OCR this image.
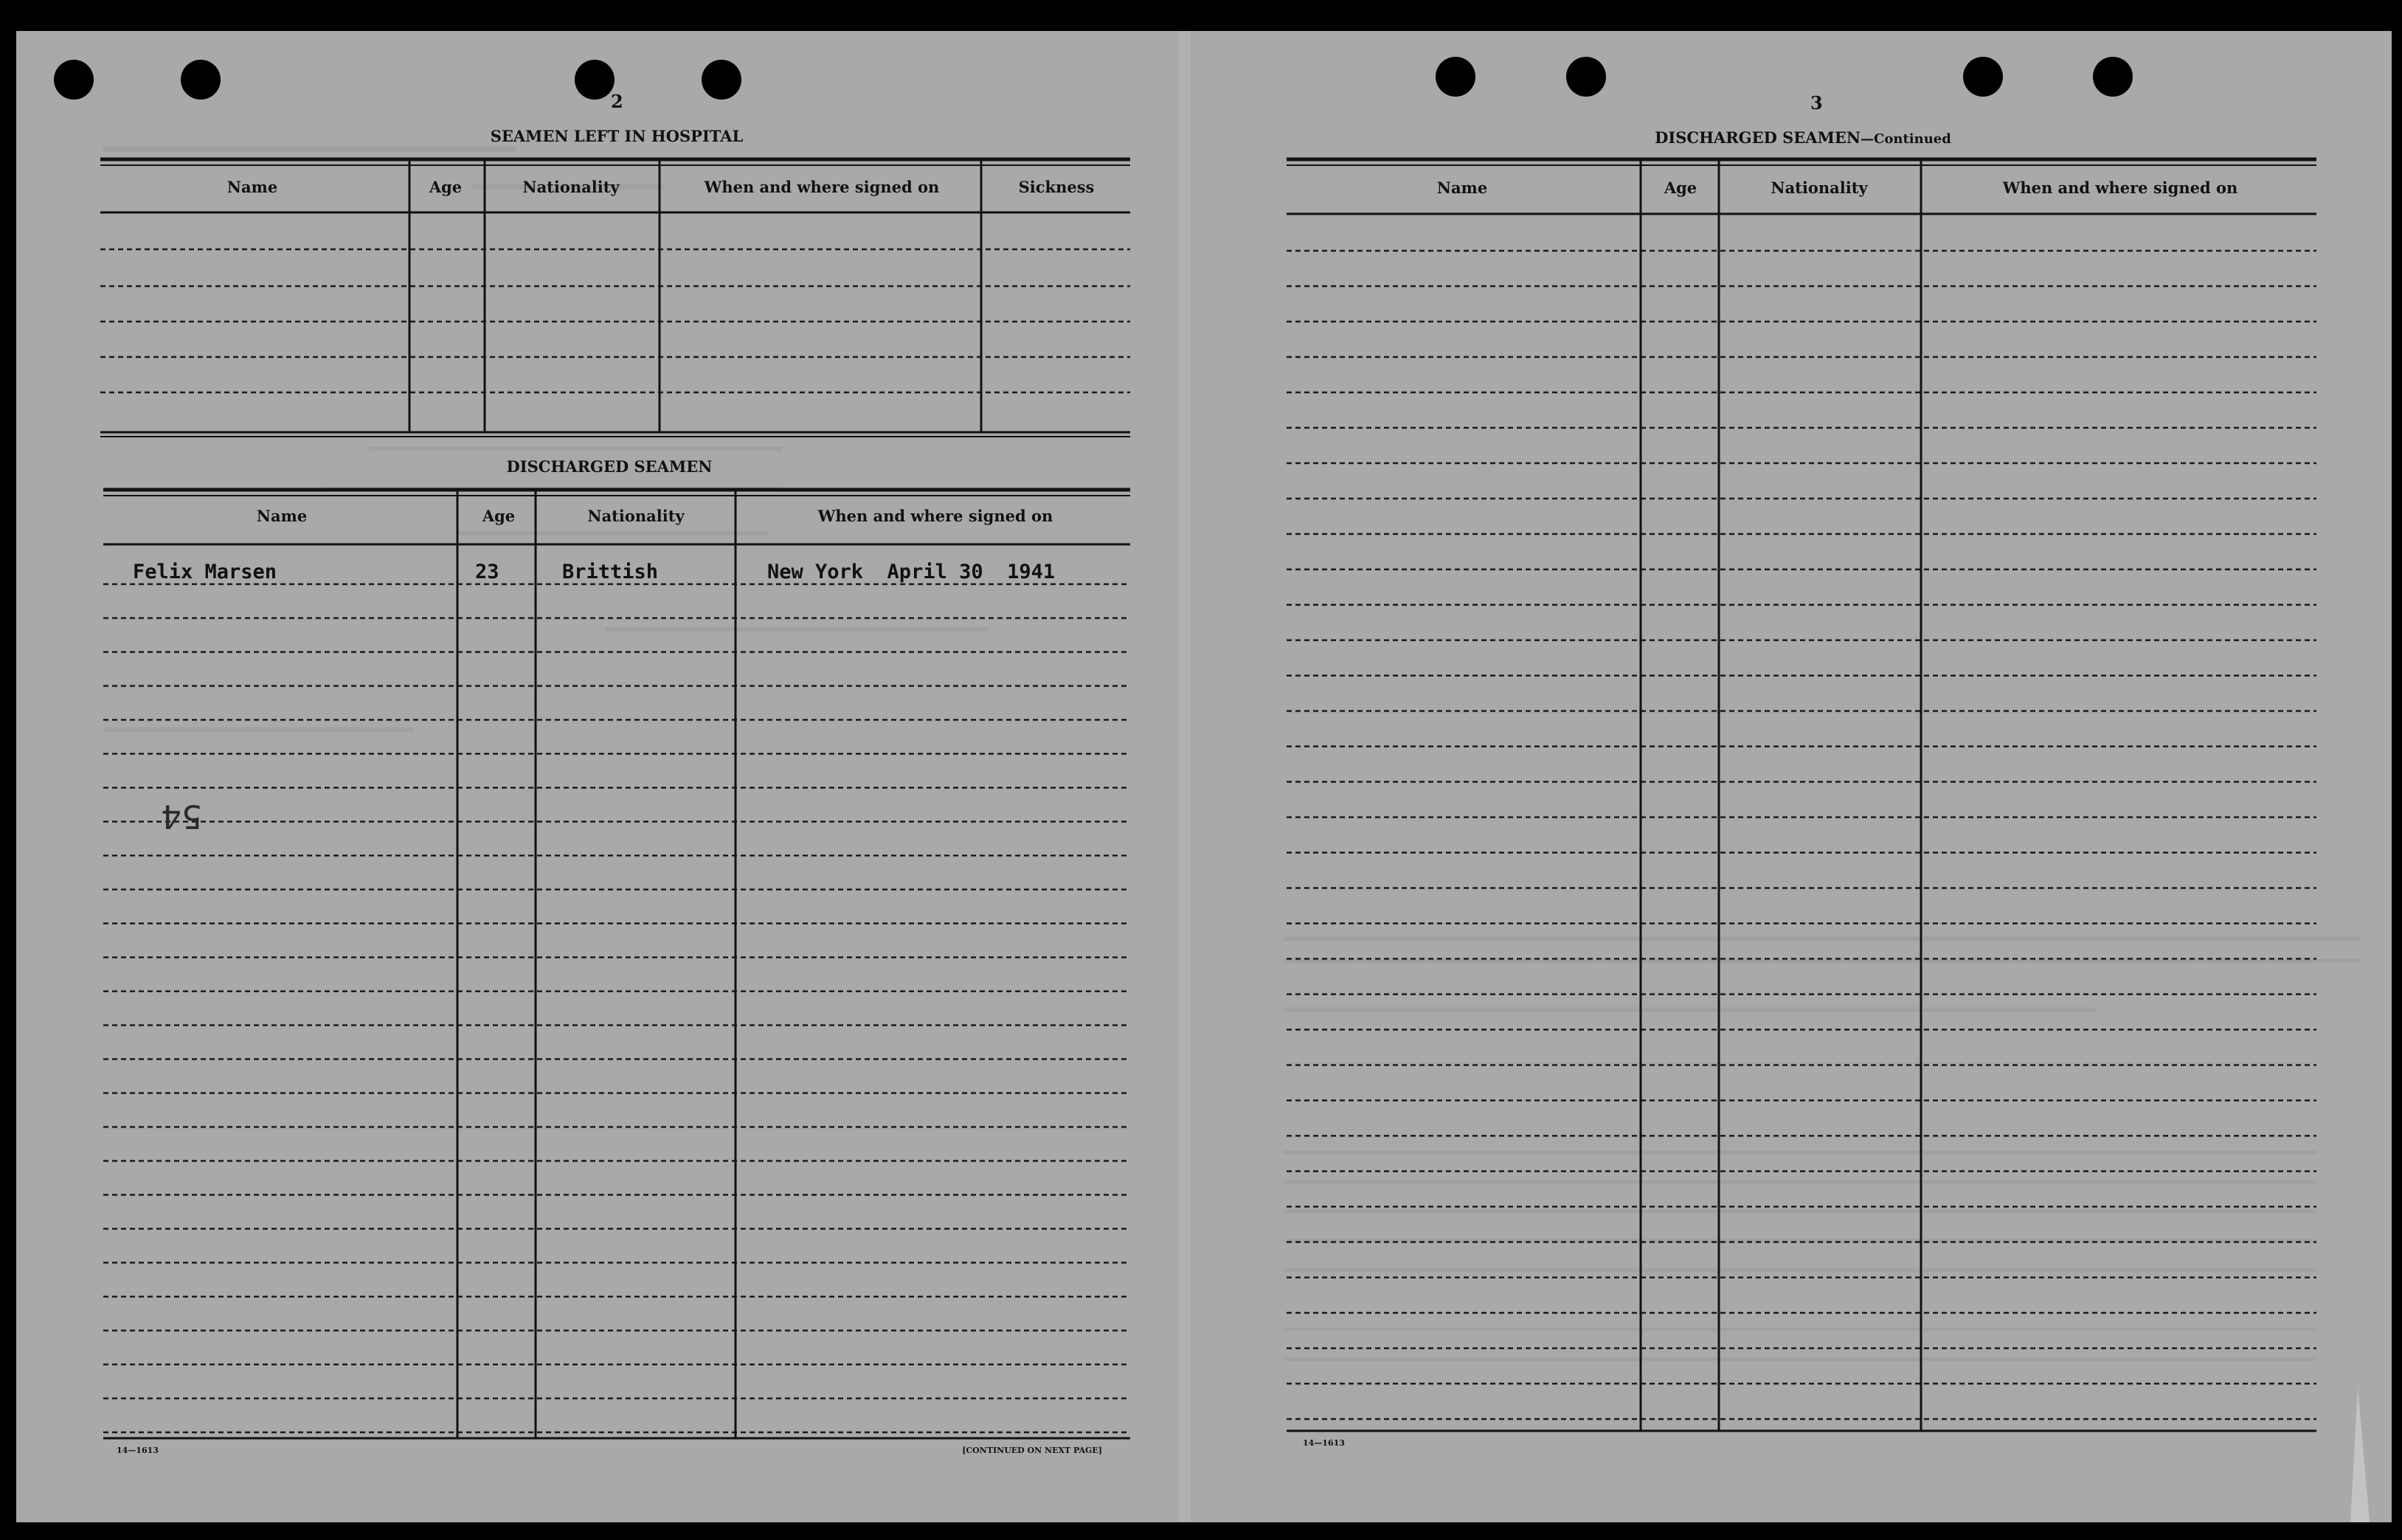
2
SEAMEN LEFT IN HOSPITAL
Name	Age	Nationality	When and where signed on	Sickness
DISCHARGED SEAMEN
Name	Age	Nationality	When and where signed on
Felix Marsen	23	Brittish	New York  April 30  1941
54
14—1613	[CONTINUED ON NEXT PAGE]
3
DISCHARGED SEAMEN—Continued
Name	Age	Nationality	When and where signed on
14—1613
